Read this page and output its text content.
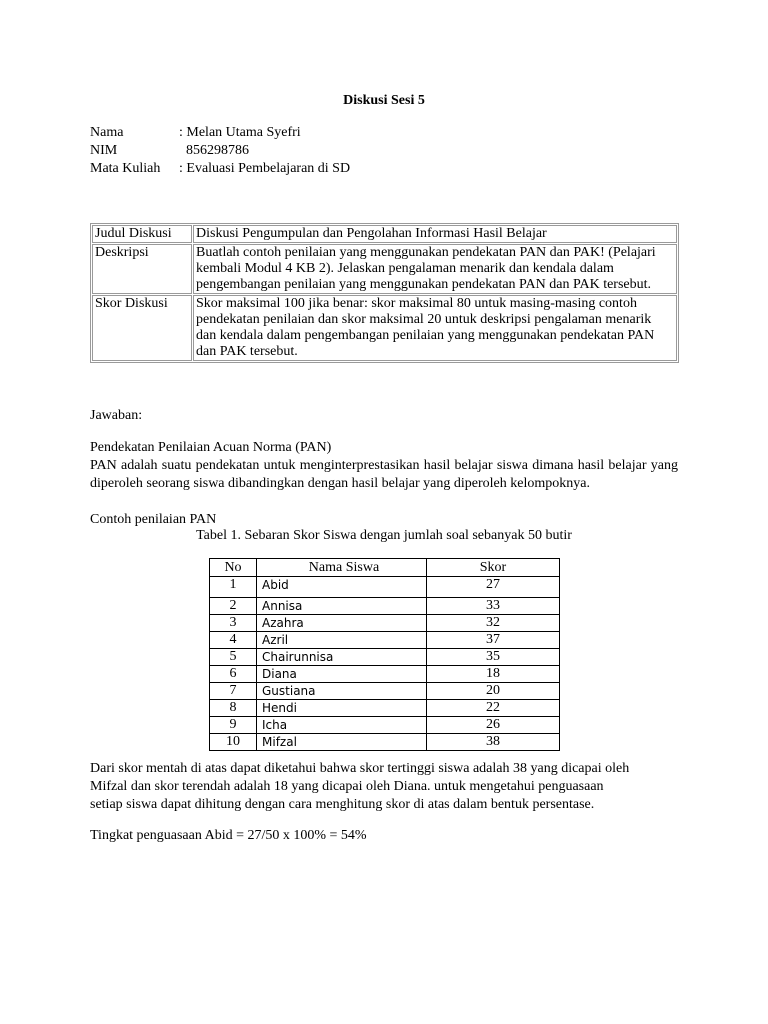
Diskusi Sesi 5
Nama	: Melan Utama Syefri
NIM	856298786
Mata Kuliah	: Evaluasi Pembelajaran di SD
Judul Diskusi	Diskusi Pengumpulan dan Pengolahan Informasi Hasil Belajar
Deskripsi	Buatlah contoh penilaian yang menggunakan pendekatan PAN dan PAK! (Pelajari kembali Modul 4 KB 2). Jelaskan pengalaman menarik dan kendala dalam pengembangan penilaian yang menggunakan pendekatan PAN dan PAK tersebut.
Skor Diskusi	Skor maksimal 100 jika benar: skor maksimal 80 untuk masing-masing contoh pendekatan penilaian dan skor maksimal 20 untuk deskripsi pengalaman menarik dan kendala dalam pengembangan penilaian yang menggunakan pendekatan PAN dan PAK tersebut.
Jawaban:
Pendekatan Penilaian Acuan Norma (PAN)
PAN adalah suatu pendekatan untuk menginterprestasikan hasil belajar siswa dimana hasil belajar yang diperoleh seorang siswa dibandingkan dengan hasil belajar yang diperoleh kelompoknya.
Contoh penilaian PAN
Tabel 1. Sebaran Skor Siswa dengan jumlah soal sebanyak 50 butir
No	Nama Siswa	Skor
1	Abid	27
2	Annisa	33
3	Azahra	32
4	Azril	37
5	Chairunnisa	35
6	Diana	18
7	Gustiana	20
8	Hendi	22
9	Icha	26
10	Mifzal	38
Dari skor mentah di atas dapat diketahui bahwa skor tertinggi siswa adalah 38 yang dicapai oleh
Mifzal dan skor terendah adalah 18 yang dicapai oleh Diana. untuk mengetahui penguasaan
setiap siswa dapat dihitung dengan cara menghitung skor di atas dalam bentuk persentase.
Tingkat penguasaan Abid = 27/50 x 100% = 54%
